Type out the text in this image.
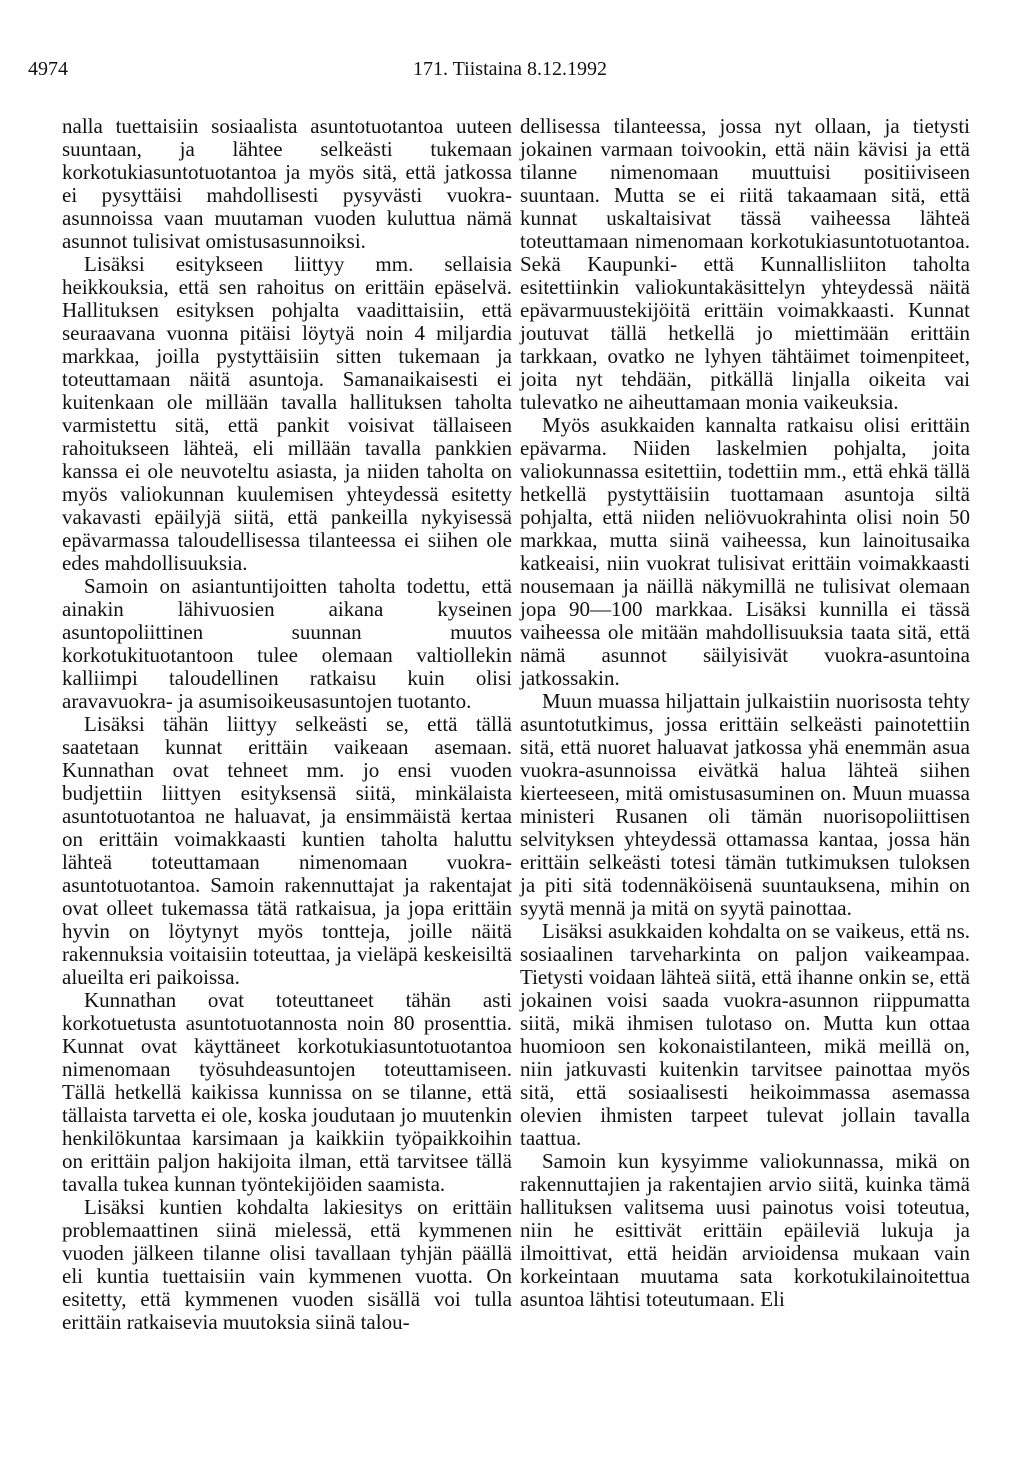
4974	171. Tiistaina 8.12.1992

nalla tuettaisiin sosiaalista asuntotuotantoa uuteen suuntaan, ja lähtee selkeästi tukemaan korkotukiasuntotuotantoa ja myös sitä, että jatkossa ei pysyttäisi mahdollisesti pysyvästi vuokra-asunnoissa vaan muutaman vuoden kuluttua nämä asunnot tulisivat omistusasunnoiksi.

Lisäksi esitykseen liittyy mm. sellaisia heikkouksia, että sen rahoitus on erittäin epäselvä. Hallituksen esityksen pohjalta vaadittaisiin, että seuraavana vuonna pitäisi löytyä noin 4 miljardia markkaa, joilla pystyttäisiin sitten tukemaan ja toteuttamaan näitä asuntoja. Samanaikaisesti ei kuitenkaan ole millään tavalla hallituksen taholta varmistettu sitä, että pankit voisivat tällaiseen rahoitukseen lähteä, eli millään tavalla pankkien kanssa ei ole neuvoteltu asiasta, ja niiden taholta on myös valiokunnan kuulemisen yhteydessä esitetty vakavasti epäilyjä siitä, että pankeilla nykyisessä epävarmassa taloudellisessa tilanteessa ei siihen ole edes mahdollisuuksia.

Samoin on asiantuntijoitten taholta todettu, että ainakin lähivuosien aikana kyseinen asuntopoliittinen suunnan muutos korkotukituotantoon tulee olemaan valtiollekin kalliimpi taloudellinen ratkaisu kuin olisi aravavuokra- ja asumisoikeusasuntojen tuotanto.

Lisäksi tähän liittyy selkeästi se, että tällä saatetaan kunnat erittäin vaikeaan asemaan. Kunnathan ovat tehneet mm. jo ensi vuoden budjettiin liittyen esityksensä siitä, minkälaista asuntotuotantoa ne haluavat, ja ensimmäistä kertaa on erittäin voimakkaasti kuntien taholta haluttu lähteä toteuttamaan nimenomaan vuokra-asuntotuotantoa. Samoin rakennuttajat ja rakentajat ovat olleet tukemassa tätä ratkaisua, ja jopa erittäin hyvin on löytynyt myös tontteja, joille näitä rakennuksia voitaisiin toteuttaa, ja vieläpä keskeisiltä alueilta eri paikoissa.

Kunnathan ovat toteuttaneet tähän asti korkotuetusta asuntotuotannosta noin 80 prosenttia. Kunnat ovat käyttäneet korkotukiasuntotuotantoa nimenomaan työsuhdeasuntojen toteuttamiseen. Tällä hetkellä kaikissa kunnissa on se tilanne, että tällaista tarvetta ei ole, koska joudutaan jo muutenkin henkilökuntaa karsimaan ja kaikkiin työpaikkoihin on erittäin paljon hakijoita ilman, että tarvitsee tällä tavalla tukea kunnan työntekijöiden saamista.

Lisäksi kuntien kohdalta lakiesitys on erittäin problemaattinen siinä mielessä, että kymmenen vuoden jälkeen tilanne olisi tavallaan tyhjän päällä eli kuntia tuettaisiin vain kymmenen vuotta. On esitetty, että kymmenen vuoden sisällä voi tulla erittäin ratkaisevia muutoksia siinä talou-

dellisessa tilanteessa, jossa nyt ollaan, ja tietysti jokainen varmaan toivookin, että näin kävisi ja että tilanne nimenomaan muuttuisi positiiviseen suuntaan. Mutta se ei riitä takaamaan sitä, että kunnat uskaltaisivat tässä vaiheessa lähteä toteuttamaan nimenomaan korkotukiasuntotuotantoa. Sekä Kaupunki- että Kunnallisliiton taholta esitettiinkin valiokuntakäsittelyn yhteydessä näitä epävarmuustekijöitä erittäin voimakkaasti. Kunnat joutuvat tällä hetkellä jo miettimään erittäin tarkkaan, ovatko ne lyhyen tähtäimet toimenpiteet, joita nyt tehdään, pitkällä linjalla oikeita vai tulevatko ne aiheuttamaan monia vaikeuksia.

Myös asukkaiden kannalta ratkaisu olisi erittäin epävarma. Niiden laskelmien pohjalta, joita valiokunnassa esitettiin, todettiin mm., että ehkä tällä hetkellä pystyttäisiin tuottamaan asuntoja siltä pohjalta, että niiden neliövuokrahinta olisi noin 50 markkaa, mutta siinä vaiheessa, kun lainoitusaika katkeaisi, niin vuokrat tulisivat erittäin voimakkaasti nousemaan ja näillä näkymillä ne tulisivat olemaan jopa 90—100 markkaa. Lisäksi kunnilla ei tässä vaiheessa ole mitään mahdollisuuksia taata sitä, että nämä asunnot säilyisivät vuokra-asuntoina jatkossakin.

Muun muassa hiljattain julkaistiin nuorisosta tehty asuntotutkimus, jossa erittäin selkeästi painotettiin sitä, että nuoret haluavat jatkossa yhä enemmän asua vuokra-asunnoissa eivätkä halua lähteä siihen kierteeseen, mitä omistusasuminen on. Muun muassa ministeri Rusanen oli tämän nuorisopoliittisen selvityksen yhteydessä ottamassa kantaa, jossa hän erittäin selkeästi totesi tämän tutkimuksen tuloksen ja piti sitä todennäköisenä suuntauksena, mihin on syytä mennä ja mitä on syytä painottaa.

Lisäksi asukkaiden kohdalta on se vaikeus, että ns. sosiaalinen tarveharkinta on paljon vaikeampaa. Tietysti voidaan lähteä siitä, että ihanne onkin se, että jokainen voisi saada vuokra-asunnon riippumatta siitä, mikä ihmisen tulotaso on. Mutta kun ottaa huomioon sen kokonaistilanteen, mikä meillä on, niin jatkuvasti kuitenkin tarvitsee painottaa myös sitä, että sosiaalisesti heikoimmassa asemassa olevien ihmisten tarpeet tulevat jollain tavalla taattua.

Samoin kun kysyimme valiokunnassa, mikä on rakennuttajien ja rakentajien arvio siitä, kuinka tämä hallituksen valitsema uusi painotus voisi toteutua, niin he esittivät erittäin epäileviä lukuja ja ilmoittivat, että heidän arvioidensa mukaan vain korkeintaan muutama sata korkotukilainoitettua asuntoa lähtisi toteutumaan. Eli
